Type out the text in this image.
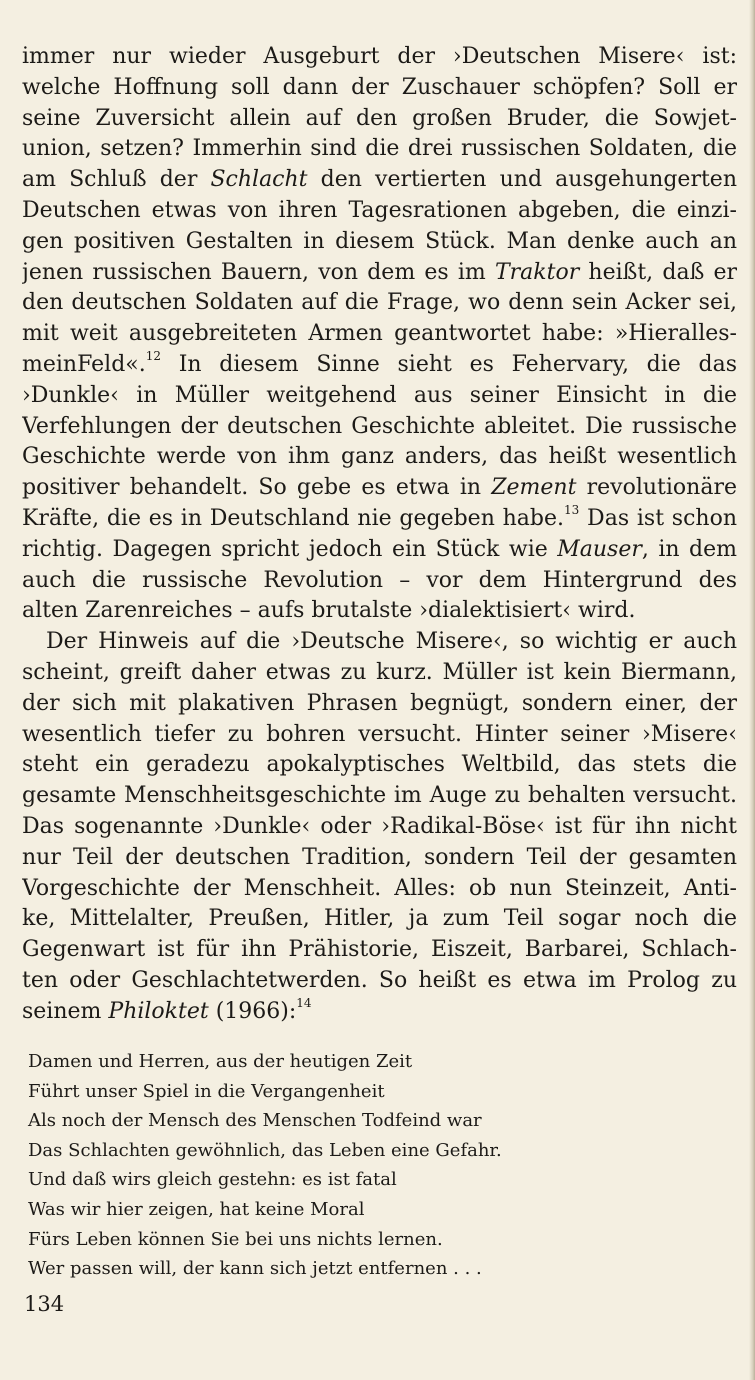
immer nur wieder Ausgeburt der ›Deutschen Misere‹ ist:
welche Hoffnung soll dann der Zuschauer schöpfen? Soll er
seine Zuversicht allein auf den großen Bruder, die Sowjet-
union, setzen? Immerhin sind die drei russischen Soldaten, die
am Schluß der Schlacht den vertierten und ausgehungerten
Deutschen etwas von ihren Tagesrationen abgeben, die einzi-
gen positiven Gestalten in diesem Stück. Man denke auch an
jenen russischen Bauern, von dem es im Traktor heißt, daß er
den deutschen Soldaten auf die Frage, wo denn sein Acker sei,
mit weit ausgebreiteten Armen geantwortet habe: »Hieralles-
meinFeld«.$^{12}$ In diesem Sinne sieht es Fehervary, die das
›Dunkle‹ in Müller weitgehend aus seiner Einsicht in die
Verfehlungen der deutschen Geschichte ableitet. Die russische
Geschichte werde von ihm ganz anders, das heißt wesentlich
positiver behandelt. So gebe es etwa in Zement revolutionäre
Kräfte, die es in Deutschland nie gegeben habe.$^{13}$ Das ist schon
richtig. Dagegen spricht jedoch ein Stück wie Mauser, in dem
auch die russische Revolution – vor dem Hintergrund des
alten Zarenreiches – aufs brutalste ›dialektisiert‹ wird.
Der Hinweis auf die ›Deutsche Misere‹, so wichtig er auch
scheint, greift daher etwas zu kurz. Müller ist kein Biermann,
der sich mit plakativen Phrasen begnügt, sondern einer, der
wesentlich tiefer zu bohren versucht. Hinter seiner ›Misere‹
steht ein geradezu apokalyptisches Weltbild, das stets die
gesamte Menschheitsgeschichte im Auge zu behalten versucht.
Das sogenannte ›Dunkle‹ oder ›Radikal-Böse‹ ist für ihn nicht
nur Teil der deutschen Tradition, sondern Teil der gesamten
Vorgeschichte der Menschheit. Alles: ob nun Steinzeit, Anti-
ke, Mittelalter, Preußen, Hitler, ja zum Teil sogar noch die
Gegenwart ist für ihn Prähistorie, Eiszeit, Barbarei, Schlach-
ten oder Geschlachtetwerden. So heißt es etwa im Prolog zu
seinem Philoktet (1966):$^{14}$
Damen und Herren, aus der heutigen Zeit
Führt unser Spiel in die Vergangenheit
Als noch der Mensch des Menschen Todfeind war
Das Schlachten gewöhnlich, das Leben eine Gefahr.
Und daß wirs gleich gestehn: es ist fatal
Was wir hier zeigen, hat keine Moral
Fürs Leben können Sie bei uns nichts lernen.
Wer passen will, der kann sich jetzt entfernen . . .
134
